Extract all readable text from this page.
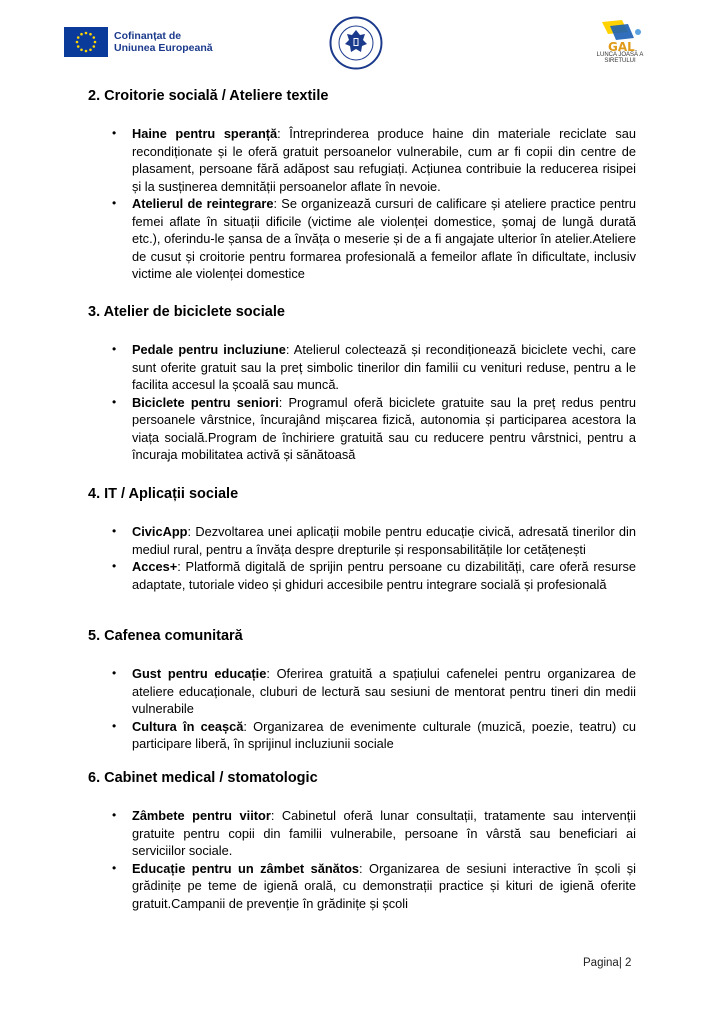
Cofinanțat de
Uniunea Europeană	GAL
LUNCA JOASĂ A SIRETULUI
2. Croitorie socială / Ateliere textile
• Haine pentru speranță: Întreprinderea produce haine din materiale reciclate sau recondiționate și le oferă gratuit persoanelor vulnerabile, cum ar fi copii din centre de plasament, persoane fără adăpost sau refugiați. Acțiunea contribuie la reducerea risipei și la susținerea demnității persoanelor aflate în nevoie.
• Atelierul de reintegrare: Se organizează cursuri de calificare și ateliere practice pentru femei aflate în situații dificile (victime ale violenței domestice, șomaj de lungă durată etc.), oferindu-le șansa de a învăța o meserie și de a fi angajate ulterior în atelier.Ateliere de cusut și croitorie pentru formarea profesională a femeilor aflate în dificultate, inclusiv victime ale violenței domestice
3. Atelier de biciclete sociale
• Pedale pentru incluziune: Atelierul colectează și recondiționează biciclete vechi, care sunt oferite gratuit sau la preț simbolic tinerilor din familii cu venituri reduse, pentru a le facilita accesul la școală sau muncă.
• Biciclete pentru seniori: Programul oferă biciclete gratuite sau la preț redus pentru persoanele vârstnice, încurajând mișcarea fizică, autonomia și participarea acestora la viața socială.Program de închiriere gratuită sau cu reducere pentru vârstnici, pentru a încuraja mobilitatea activă și sănătoasă
4. IT / Aplicații sociale
• CivicApp: Dezvoltarea unei aplicații mobile pentru educație civică, adresată tinerilor din mediul rural, pentru a învăța despre drepturile și responsabilitățile lor cetățenești
• Acces+: Platformă digitală de sprijin pentru persoane cu dizabilități, care oferă resurse adaptate, tutoriale video și ghiduri accesibile pentru integrare socială și profesională
5. Cafenea comunitară
• Gust pentru educație: Oferirea gratuită a spațiului cafenelei pentru organizarea de ateliere educaționale, cluburi de lectură sau sesiuni de mentorat pentru tineri din medii vulnerabile
• Cultura în ceașcă: Organizarea de evenimente culturale (muzică, poezie, teatru) cu participare liberă, în sprijinul incluziunii sociale
6. Cabinet medical / stomatologic
• Zâmbete pentru viitor: Cabinetul oferă lunar consultații, tratamente sau intervenții gratuite pentru copii din familii vulnerabile, persoane în vârstă sau beneficiari ai serviciilor sociale.
• Educație pentru un zâmbet sănătos: Organizarea de sesiuni interactive în școli și grădinițe pe teme de igienă orală, cu demonstrații practice și kituri de igienă oferite gratuit.Campanii de prevenție în grădinițe și școli
Pagina| 2
